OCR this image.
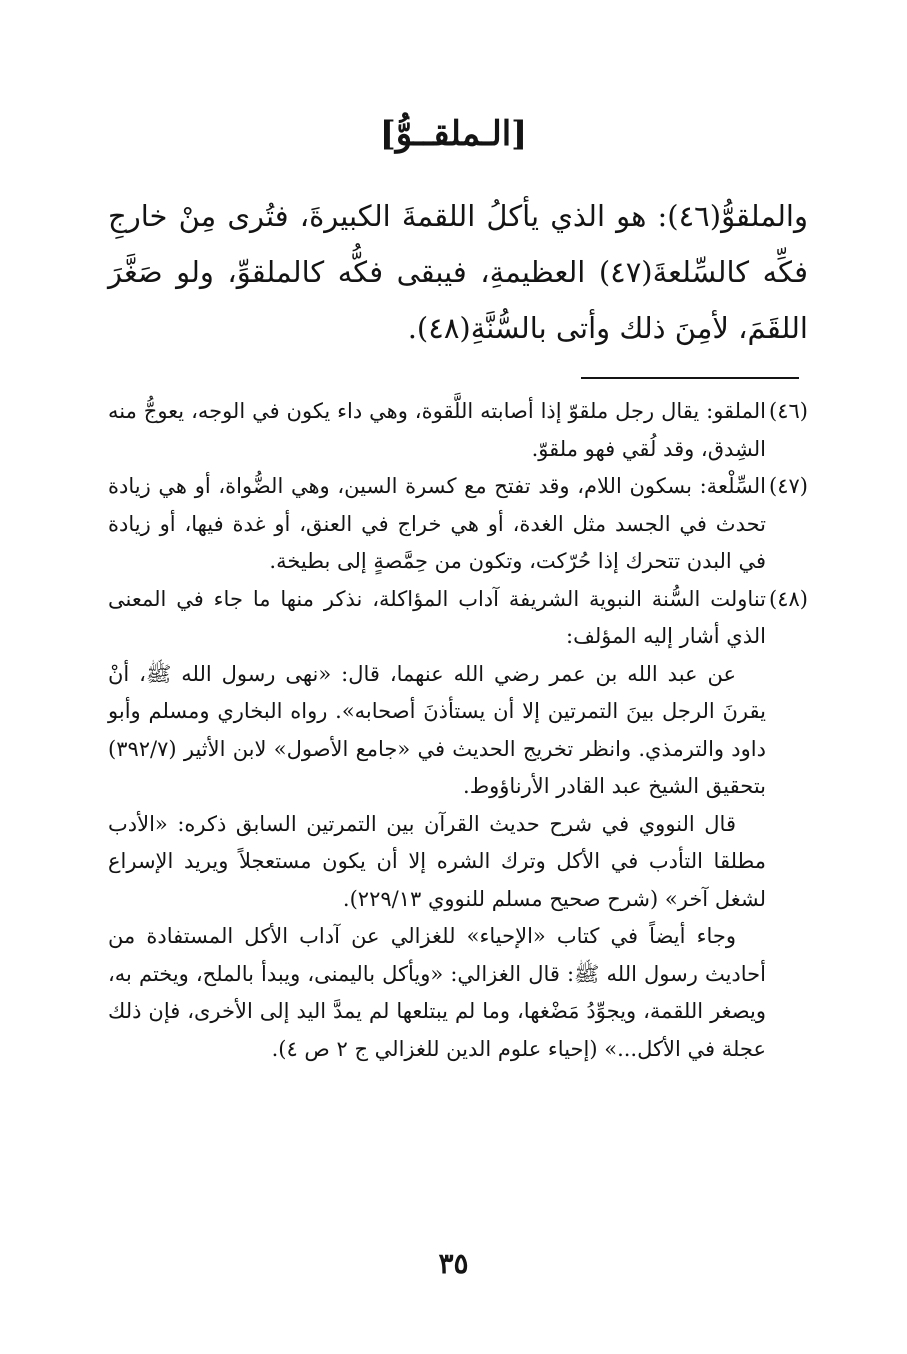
[الـملقــوُّ]
والملقوُّ(٤٦): هو الذي يأكلُ اللقمةَ الكبيرةَ، فتُرى مِنْ خارجِ فكِّه كالسِّلعةَ(٤٧) العظيمةِ، فيبقى فكُّه كالملقوِّ، ولو صَغَّرَ اللقَمَ، لأمِنَ ذلك وأتى بالسُّنَّةِ(٤٨).
(٤٦)

الملقو: يقال رجل ملقوّ إذا أصابته اللَّقوة، وهي داء يكون في الوجه، يعوجُّ منه الشِدق، وقد لُقي فهو ملقوّ.

(٤٧)

السِّلْعة: بسكون اللام، وقد تفتح مع كسرة السين، وهي الضُّواة، أو هي زيادة تحدث في الجسد مثل الغدة، أو هي خراج في العنق، أو غدة فيها، أو زيادة في البدن تتحرك إذا حُرّكت، وتكون من حِمَّصةٍ إلى بطيخة.

(٤٨)

تناولت السُّنة النبوية الشريفة آداب المؤاكلة، نذكر منها ما جاء في المعنى الذي أشار إليه المؤلف:

عن عبد الله بن عمر رضي الله عنهما، قال: «نهى رسول الله ﷺ، أنْ يقرنَ الرجل بينَ التمرتين إلا أن يستأذنَ أصحابه». رواه البخاري ومسلم وأبو داود والترمذي. وانظر تخريج الحديث في «جامع الأصول» لابن الأثير (٣٩٢/٧) بتحقيق الشيخ عبد القادر الأرناؤوط.

قال النووي في شرح حديث القرآن بين التمرتين السابق ذكره: «الأدب مطلقا التأدب في الأكل وترك الشره إلا أن يكون مستعجلاً ويريد الإسراع لشغل آخر» (شرح صحيح مسلم للنووي ٢٢٩/١٣).

وجاء أيضاً في كتاب «الإحياء» للغزالي عن آداب الأكل المستفادة من أحاديث رسول الله ﷺ: قال الغزالي: «ويأكل باليمنى، ويبدأ بالملح، ويختم به، ويصغر اللقمة، ويجوِّدُ مَضْغها، وما لم يبتلعها لم يمدَّ اليد إلى الأخرى، فإن ذلك عجلة في الأكل...» (إحياء علوم الدين للغزالي ج ٢ ص ٤).

٣٥
